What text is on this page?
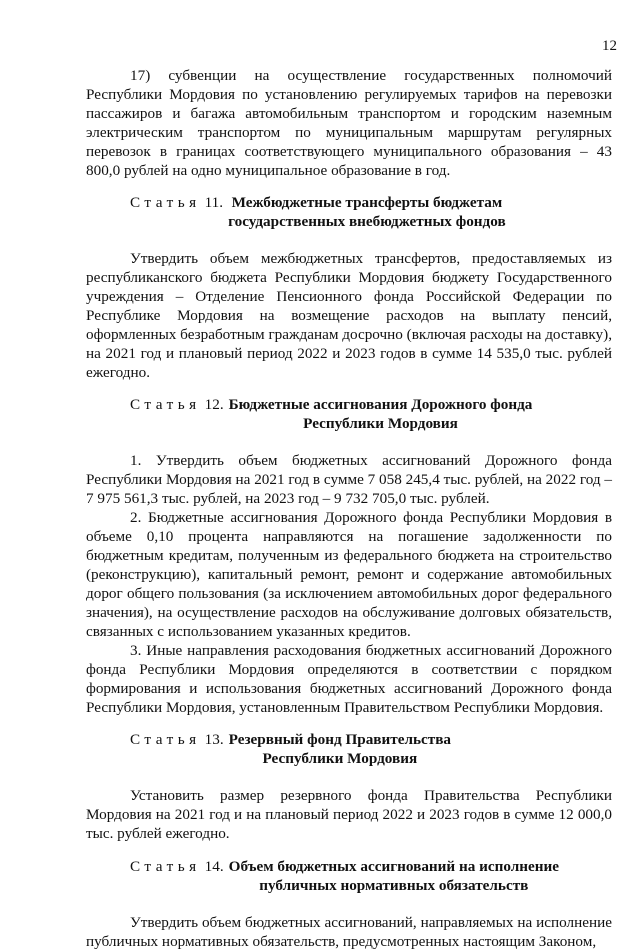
12

17) субвенции на осуществление государственных полномочий Республики Мордовия по установлению регулируемых тарифов на перевозки пассажиров и багажа автомобильным транспортом и городским наземным электрическим транспортом по муниципальным маршрутам регулярных перевозок в границах соответствующего муниципального образования – 43 800,0 рублей на одно муниципальное образование в год.

Статья 11. Межбюджетные трансферты бюджетам
государственных внебюджетных фондов

Утвердить объем межбюджетных трансфертов, предоставляемых из республиканского бюджета Республики Мордовия бюджету Государственного учреждения – Отделение Пенсионного фонда Российской Федерации по Республике Мордовия на возмещение расходов на выплату пенсий, оформленных безработным гражданам досрочно (включая расходы на доставку), на 2021 год и плановый период 2022 и 2023 годов в сумме 14 535,0 тыс. рублей ежегодно.

Статья 12. Бюджетные ассигнования Дорожного фонда
Республики Мордовия

1. Утвердить объем бюджетных ассигнований Дорожного фонда Республики Мордовия на 2021 год в сумме 7 058 245,4 тыс. рублей, на 2022 год – 7 975 561,3 тыс. рублей, на 2023 год – 9 732 705,0 тыс. рублей.

2. Бюджетные ассигнования Дорожного фонда Республики Мордовия в объеме 0,10 процента направляются на погашение задолженности по бюджетным кредитам, полученным из федерального бюджета на строительство (реконструкцию), капитальный ремонт, ремонт и содержание автомобильных дорог общего пользования (за исключением автомобильных дорог федерального значения), на осуществление расходов на обслуживание долговых обязательств, связанных с использованием указанных кредитов.

3. Иные направления расходования бюджетных ассигнований Дорожного фонда Республики Мордовия определяются в соответствии с порядком формирования и использования бюджетных ассигнований Дорожного фонда Республики Мордовия, установленным Правительством Республики Мордовия.

Статья 13. Резервный фонд Правительства
Республики Мордовия

Установить размер резервного фонда Правительства Республики Мордовия на 2021 год и на плановый период 2022 и 2023 годов в сумме 12 000,0 тыс. рублей ежегодно.

Статья 14. Объем бюджетных ассигнований на исполнение
публичных нормативных обязательств

Утвердить объем бюджетных ассигнований, направляемых на исполнение публичных нормативных обязательств, предусмотренных настоящим Законом,
